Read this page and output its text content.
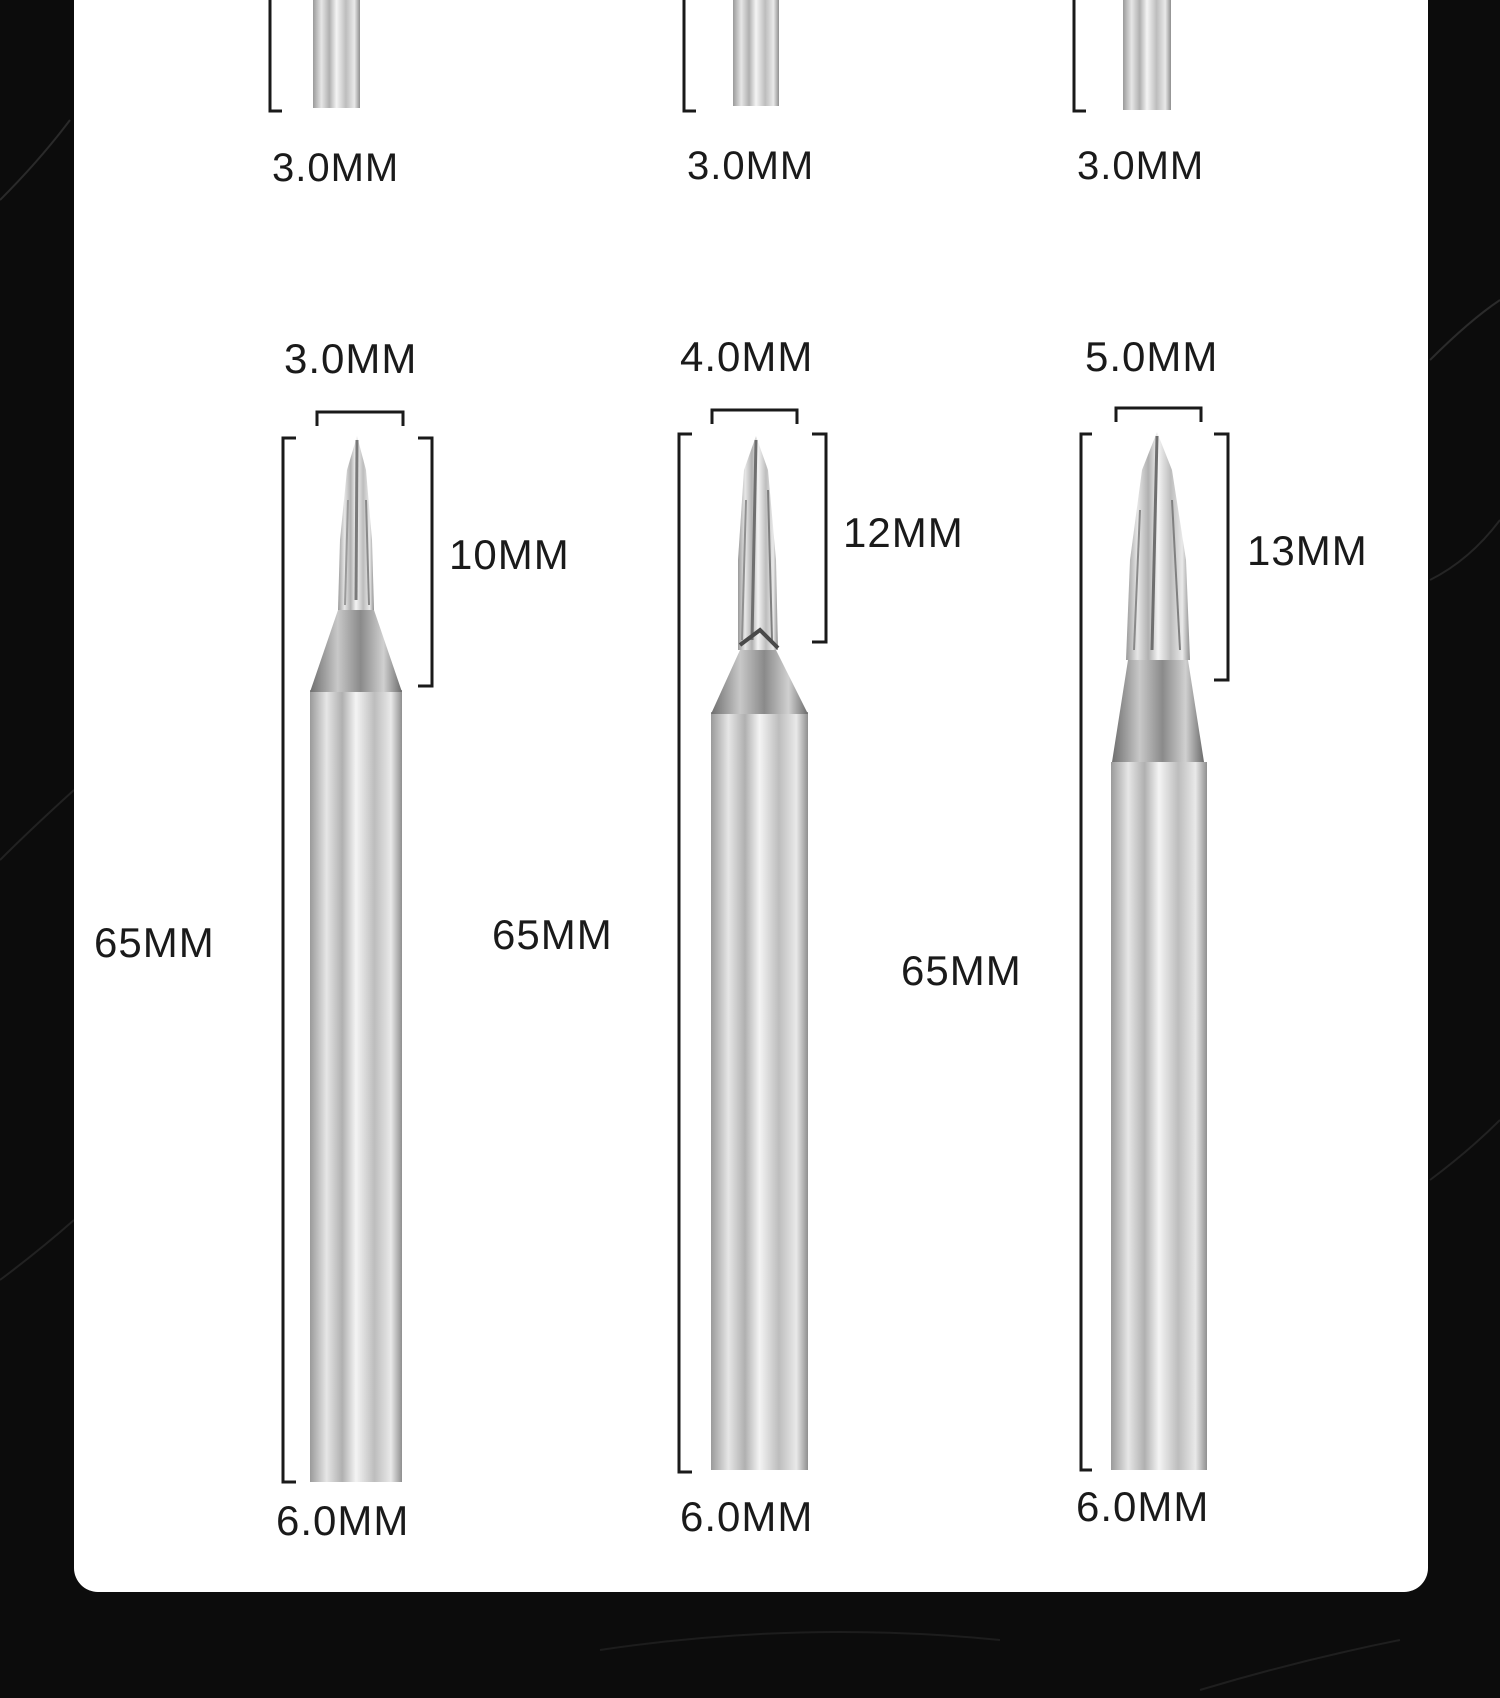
3.0MM	3.0MM	3.0MM
3.0MM
10MM
65MM
6.0MM
4.0MM
12MM
65MM
6.0MM
5.0MM
13MM
65MM
6.0MM
